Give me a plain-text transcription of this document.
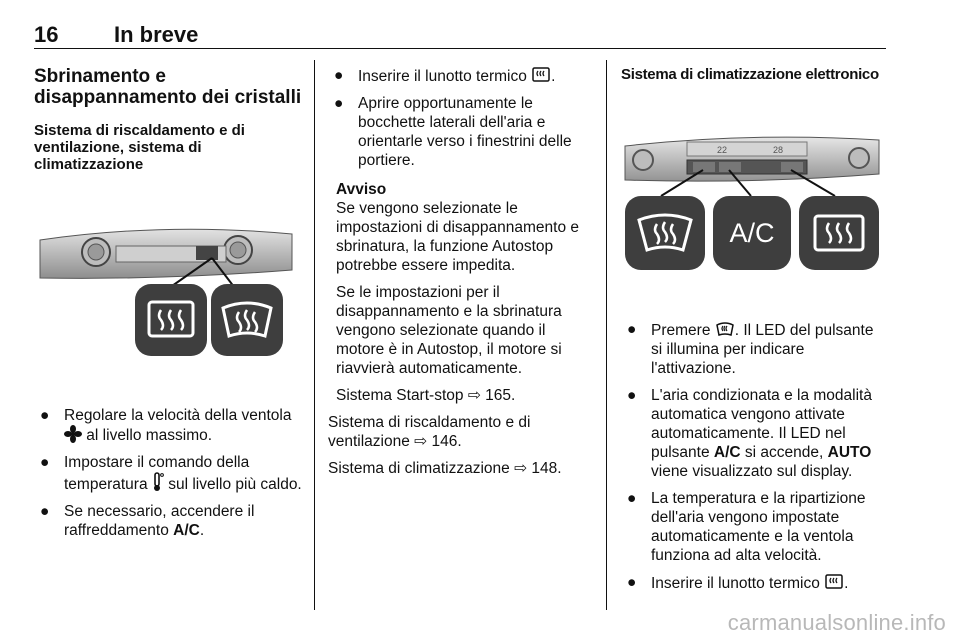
16	In breve
Sbrinamento e disappannamento dei cristalli
Sistema di riscaldamento e di ventilazione, sistema di climatizzazione
● Regolare la velocità della ventola
al livello massimo.
● Impostare il comando della
temperatura
sul livello più caldo.
● Se necessario, accendere il raffreddamento A/C.
● Inserire il lunotto termico
.
● Aprire opportunamente le bocchette laterali dell'aria e orientarle verso i finestrini delle portiere.
Avviso
Se vengono selezionate le impostazioni di disappannamento e sbrinatura, la funzione Autostop potrebbe essere impedita.
Se le impostazioni per il disappannamento e la sbrinatura vengono selezionate quando il motore è in Autostop, il motore si riavvierà automaticamente.
Sistema Start-stop ⇨ 165.
Sistema di riscaldamento e di ventilazione ⇨ 146.
Sistema di climatizzazione ⇨ 148.
Sistema di climatizzazione elettronico
22	28
A/C
● Premere
. Il LED del pulsante si illumina per indicare l'attivazione.
● L'aria condizionata e la modalità automatica vengono attivate automaticamente. Il LED nel pulsante A/C si accende, AUTO viene visualizzato sul display.
● La temperatura e la ripartizione dell'aria vengono impostate automaticamente e la ventola funziona ad alta velocità.
● Inserire il lunotto termico
.
carmanualsonline.info
